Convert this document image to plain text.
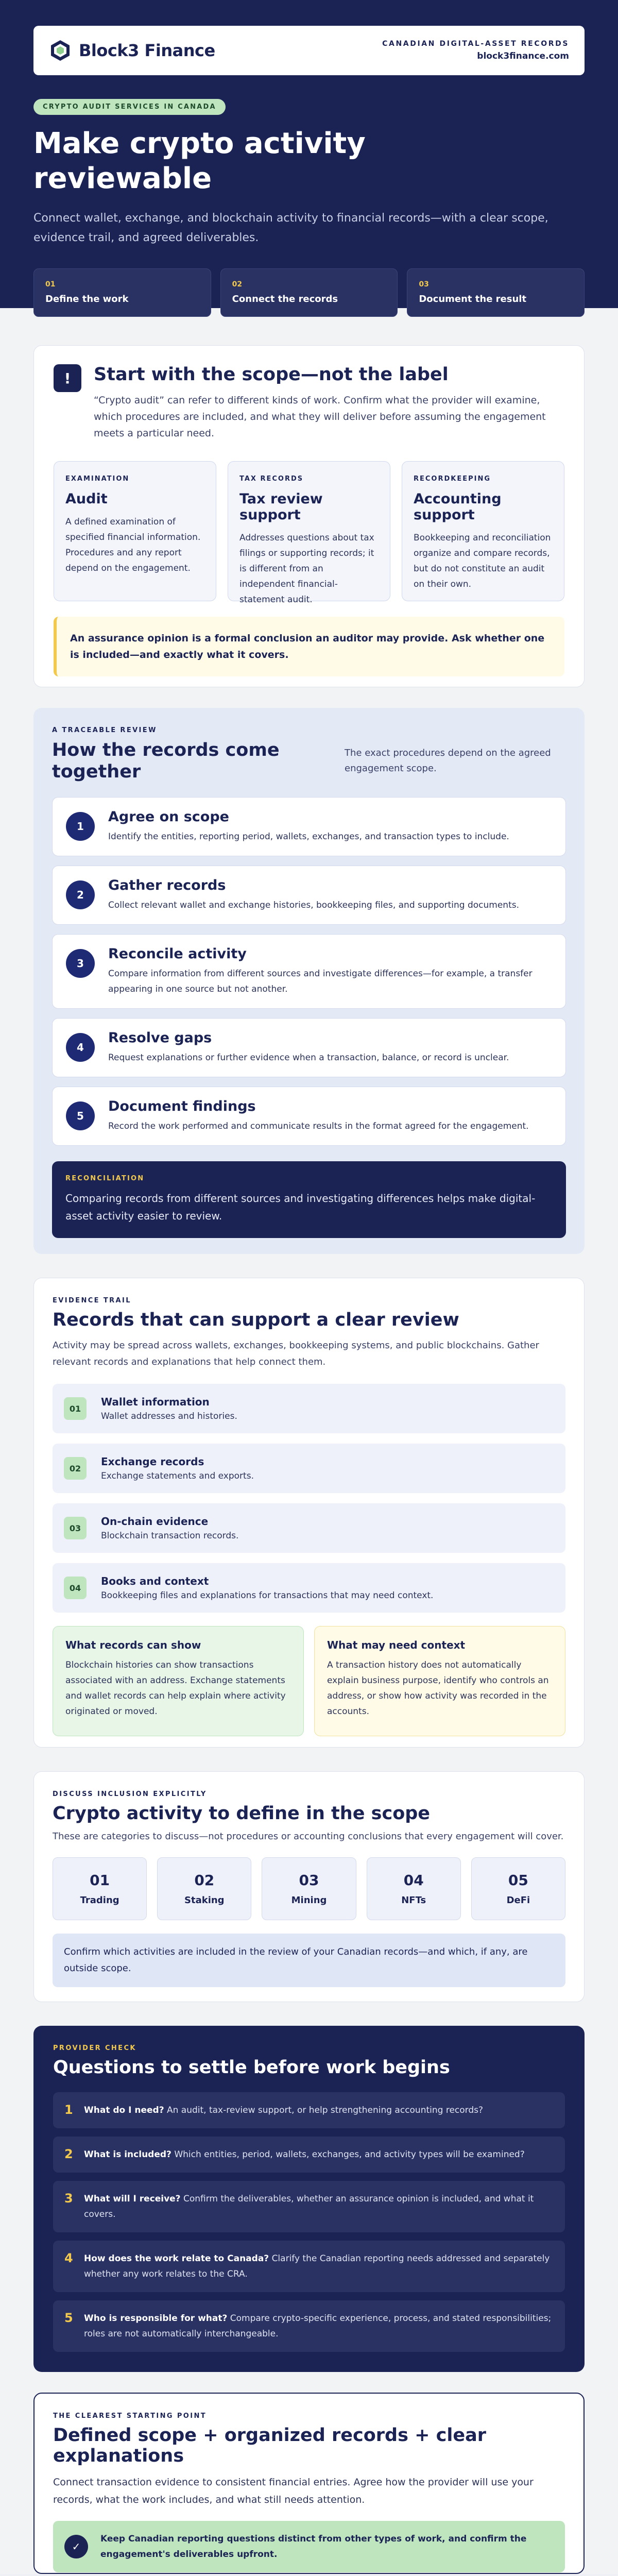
Block3 Finance	CANADIAN DIGITAL-ASSET RECORDS
block3finance.com
CRYPTO AUDIT SERVICES IN CANADA
Make crypto activity reviewable

Connect wallet, exchange, and blockchain activity to financial records—with a clear scope, evidence trail, and agreed deliverables.

01
Define the work
02
Connect the records
03
Document the result
!	Start with the scope—not the label

“Crypto audit” can refer to different kinds of work. Confirm what the provider will examine, which procedures are included, and what they will deliver before assuming the engagement meets a particular need.

EXAMINATION
Audit
A defined examination of specified financial information. Procedures and any report depend on the engagement.
TAX RECORDS
Tax review support
Addresses questions about tax filings or supporting records; it is different from an independent financial-statement audit.
RECORDKEEPING
Accounting support
Bookkeeping and reconciliation organize and compare records, but do not constitute an audit on their own.
An assurance opinion is a formal conclusion an auditor may provide. Ask whether one is included—and exactly what it covers.
A TRACEABLE REVIEW
How the records come together

The exact procedures depend on the agreed engagement scope.

1
Agree on scope
Identify the entities, reporting period, wallets, exchanges, and transaction types to include.
2
Gather records
Collect relevant wallet and exchange histories, bookkeeping files, and supporting documents.
3
Reconcile activity
Compare information from different sources and investigate differences—for example, a transfer appearing in one source but not another.
4
Resolve gaps
Request explanations or further evidence when a transaction, balance, or record is unclear.
5
Document findings
Record the work performed and communicate results in the format agreed for the engagement.
RECONCILIATION
Comparing records from different sources and investigating differences helps make digital-asset activity easier to review.
EVIDENCE TRAIL
Records that can support a clear review

Activity may be spread across wallets, exchanges, bookkeeping systems, and public blockchains. Gather relevant records and explanations that help connect them.

01
Wallet information
Wallet addresses and histories.
02
Exchange records
Exchange statements and exports.
03
On-chain evidence
Blockchain transaction records.
04
Books and context
Bookkeeping files and explanations for transactions that may need context.
What records can show
Blockchain histories can show transactions associated with an address. Exchange statements and wallet records can help explain where activity originated or moved.
What may need context
A transaction history does not automatically explain business purpose, identify who controls an address, or show how activity was recorded in the accounts.
DISCUSS INCLUSION EXPLICITLY
Crypto activity to define in the scope

These are categories to discuss—not procedures or accounting conclusions that every engagement will cover.

01
Trading
02
Staking
03
Mining
04
NFTs
05
DeFi
Confirm which activities are included in the review of your Canadian records—and which, if any, are outside scope.
PROVIDER CHECK
Questions to settle before work begins
1 What do I need? An audit, tax-review support, or help strengthening accounting records?
2 What is included? Which entities, period, wallets, exchanges, and activity types will be examined?
3 What will I receive? Confirm the deliverables, whether an assurance opinion is included, and what it covers.
4 How does the work relate to Canada? Clarify the Canadian reporting needs addressed and separately whether any work relates to the CRA.
5 Who is responsible for what? Compare crypto-specific experience, process, and stated responsibilities; roles are not automatically interchangeable.
THE CLEAREST STARTING POINT
Defined scope + organized records + clear explanations

Connect transaction evidence to consistent financial entries. Agree how the provider will use your records, what the work includes, and what still needs attention.

✓
Keep Canadian reporting questions distinct from other types of work, and confirm the engagement's deliverables upfront.
